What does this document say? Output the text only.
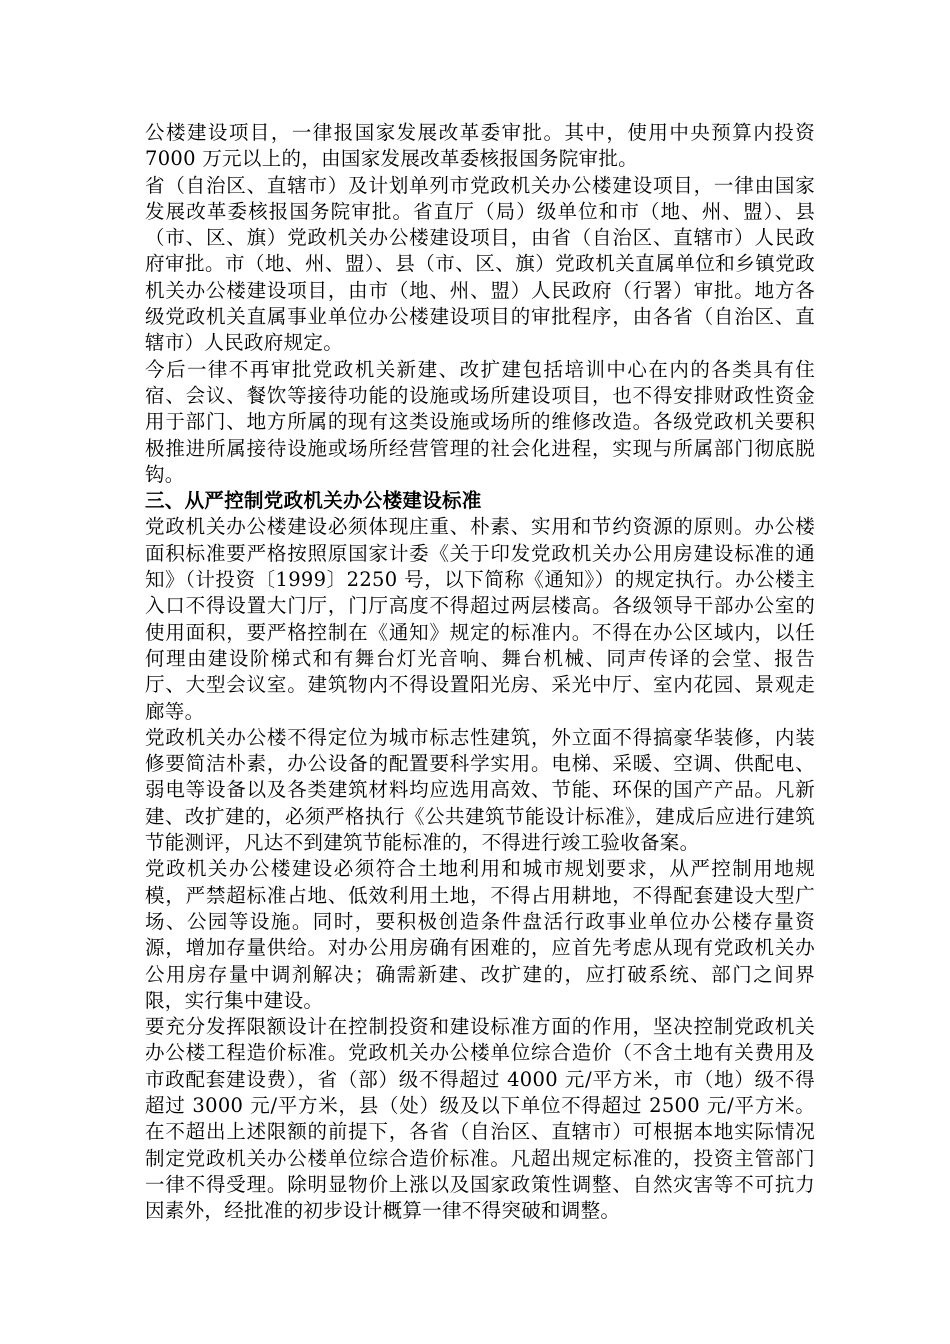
公楼建设项目，一律报国家发展改革委审批。其中，使用中央预算内投资 7000 万元以上的，由国家发展改革委核报国务院审批。

省（自治区、直辖市）及计划单列市党政机关办公楼建设项目，一律由国家发展改革委核报国务院审批。省直厅（局）级单位和市（地、州、盟）、县（市、区、旗）党政机关办公楼建设项目，由省（自治区、直辖市）人民政府审批。市（地、州、盟）、县（市、区、旗）党政机关直属单位和乡镇党政机关办公楼建设项目，由市（地、州、盟）人民政府（行署）审批。地方各级党政机关直属事业单位办公楼建设项目的审批程序，由各省（自治区、直辖市）人民政府规定。

今后一律不再审批党政机关新建、改扩建包括培训中心在内的各类具有住宿、会议、餐饮等接待功能的设施或场所建设项目，也不得安排财政性资金用于部门、地方所属的现有这类设施或场所的维修改造。各级党政机关要积极推进所属接待设施或场所经营管理的社会化进程，实现与所属部门彻底脱钩。

三、从严控制党政机关办公楼建设标准

党政机关办公楼建设必须体现庄重、朴素、实用和节约资源的原则。办公楼面积标准要严格按照原国家计委《关于印发党政机关办公用房建设标准的通知》（计投资〔1999〕2250 号，以下简称《通知》）的规定执行。办公楼主入口不得设置大门厅，门厅高度不得超过两层楼高。各级领导干部办公室的使用面积，要严格控制在《通知》规定的标准内。不得在办公区域内，以任何理由建设阶梯式和有舞台灯光音响、舞台机械、同声传译的会堂、报告厅、大型会议室。建筑物内不得设置阳光房、采光中厅、室内花园、景观走廊等。

党政机关办公楼不得定位为城市标志性建筑，外立面不得搞豪华装修，内装修要简洁朴素，办公设备的配置要科学实用。电梯、采暖、空调、供配电、弱电等设备以及各类建筑材料均应选用高效、节能、环保的国产产品。凡新建、改扩建的，必须严格执行《公共建筑节能设计标准》，建成后应进行建筑节能测评，凡达不到建筑节能标准的，不得进行竣工验收备案。

党政机关办公楼建设必须符合土地利用和城市规划要求，从严控制用地规模，严禁超标准占地、低效利用土地，不得占用耕地，不得配套建设大型广场、公园等设施。同时，要积极创造条件盘活行政事业单位办公楼存量资源，增加存量供给。对办公用房确有困难的，应首先考虑从现有党政机关办公用房存量中调剂解决；确需新建、改扩建的，应打破系统、部门之间界限，实行集中建设。

要充分发挥限额设计在控制投资和建设标准方面的作用，坚决控制党政机关办公楼工程造价标准。党政机关办公楼单位综合造价（不含土地有关费用及市政配套建设费），省（部）级不得超过 4000 元/平方米，市（地）级不得超过 3000 元/平方米，县（处）级及以下单位不得超过 2500 元/平方米。在不超出上述限额的前提下，各省（自治区、直辖市）可根据本地实际情况制定党政机关办公楼单位综合造价标准。凡超出规定标准的，投资主管部门一律不得受理。除明显物价上涨以及国家政策性调整、自然灾害等不可抗力因素外，经批准的初步设计概算一律不得突破和调整。
